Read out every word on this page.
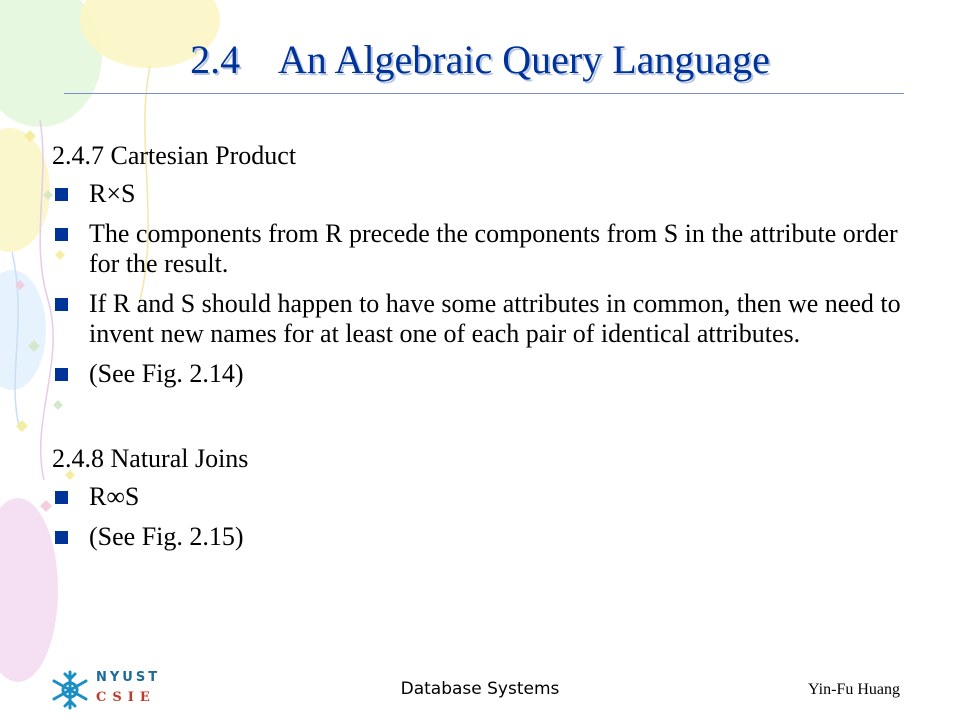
2.4    An Algebraic Query Language

2.4.7 Cartesian Product

R×S
The components from R precede the components from S in the attribute order for the result.
If R and S should happen to have some attributes in common, then we need to invent new names for at least one of each pair of identical attributes.
(See Fig. 2.14)

2.4.8 Natural Joins

R∞S
(See Fig. 2.15)
NYUST
CSIE	Database Systems	Yin-Fu Huang
